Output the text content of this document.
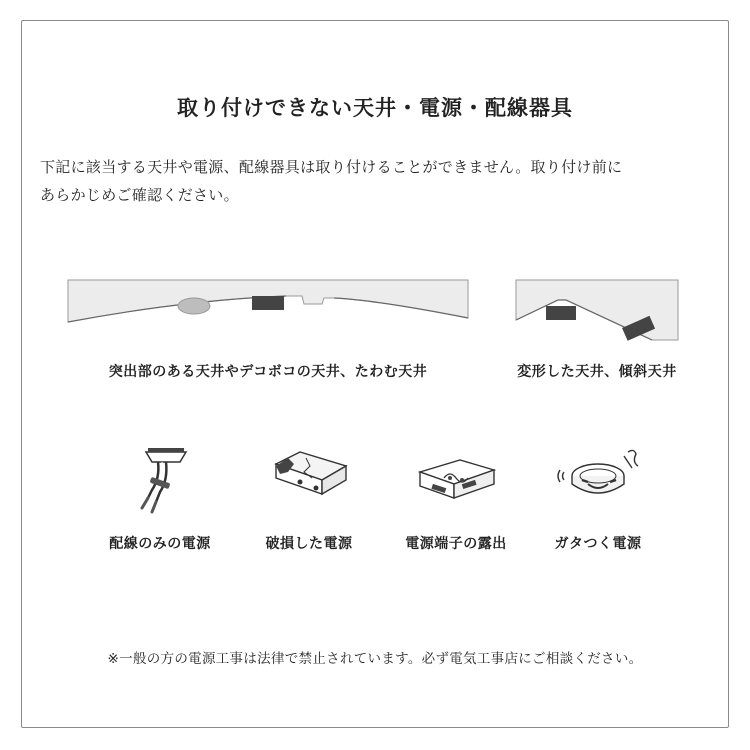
取り付けできない天井・電源・配線器具
下記に該当する天井や電源、配線器具は取り付けることができません。取り付け前に
あらかじめご確認ください。
突出部のある天井やデコボコの天井、たわむ天井	変形した天井、傾斜天井
配線のみの電源	破損した電源	電源端子の露出	ガタつく電源
※一般の方の電源工事は法律で禁止されています。必ず電気工事店にご相談ください。
